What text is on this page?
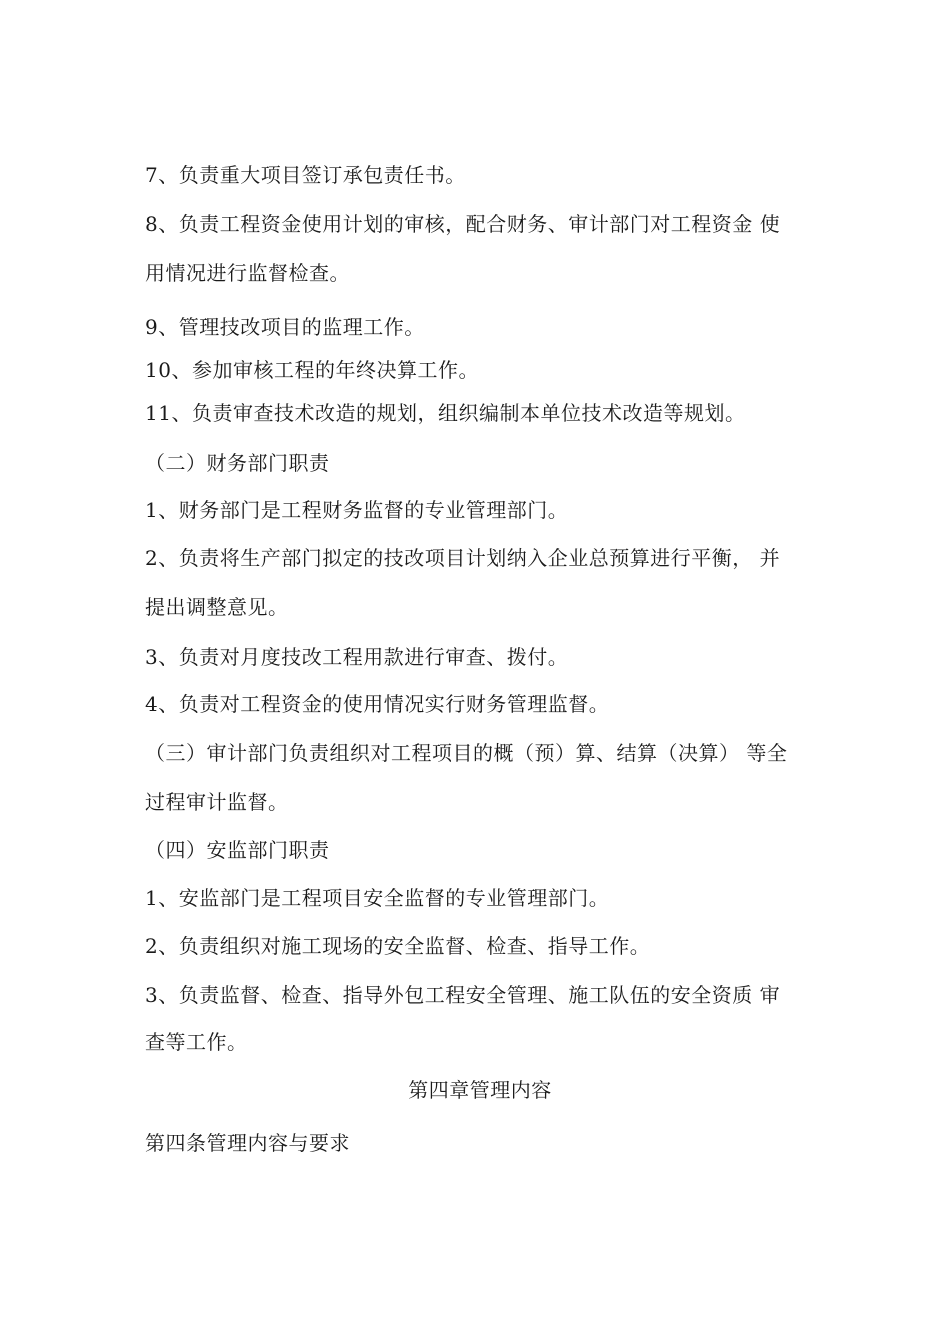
7、负责重大项目签订承包责任书。
8、负责工程资金使用计划的审核，配合财务、审计部门对工程资金 使
用情况进行监督检查。
9、管理技改项目的监理工作。
10、参加审核工程的年终决算工作。
11、负责审查技术改造的规划，组织编制本单位技术改造等规划。
（二）财务部门职责
1、财务部门是工程财务监督的专业管理部门。
2、负责将生产部门拟定的技改项目计划纳入企业总预算进行平衡， 并
提出调整意见。
3、负责对月度技改工程用款进行审查、拨付。
4、负责对工程资金的使用情况实行财务管理监督。
（三）审计部门负责组织对工程项目的概（预）算、结算（决算） 等全
过程审计监督。
（四）安监部门职责
1、安监部门是工程项目安全监督的专业管理部门。
2、负责组织对施工现场的安全监督、检查、指导工作。
3、负责监督、检查、指导外包工程安全管理、施工队伍的安全资质 审
查等工作。
第四章管理内容
第四条管理内容与要求
